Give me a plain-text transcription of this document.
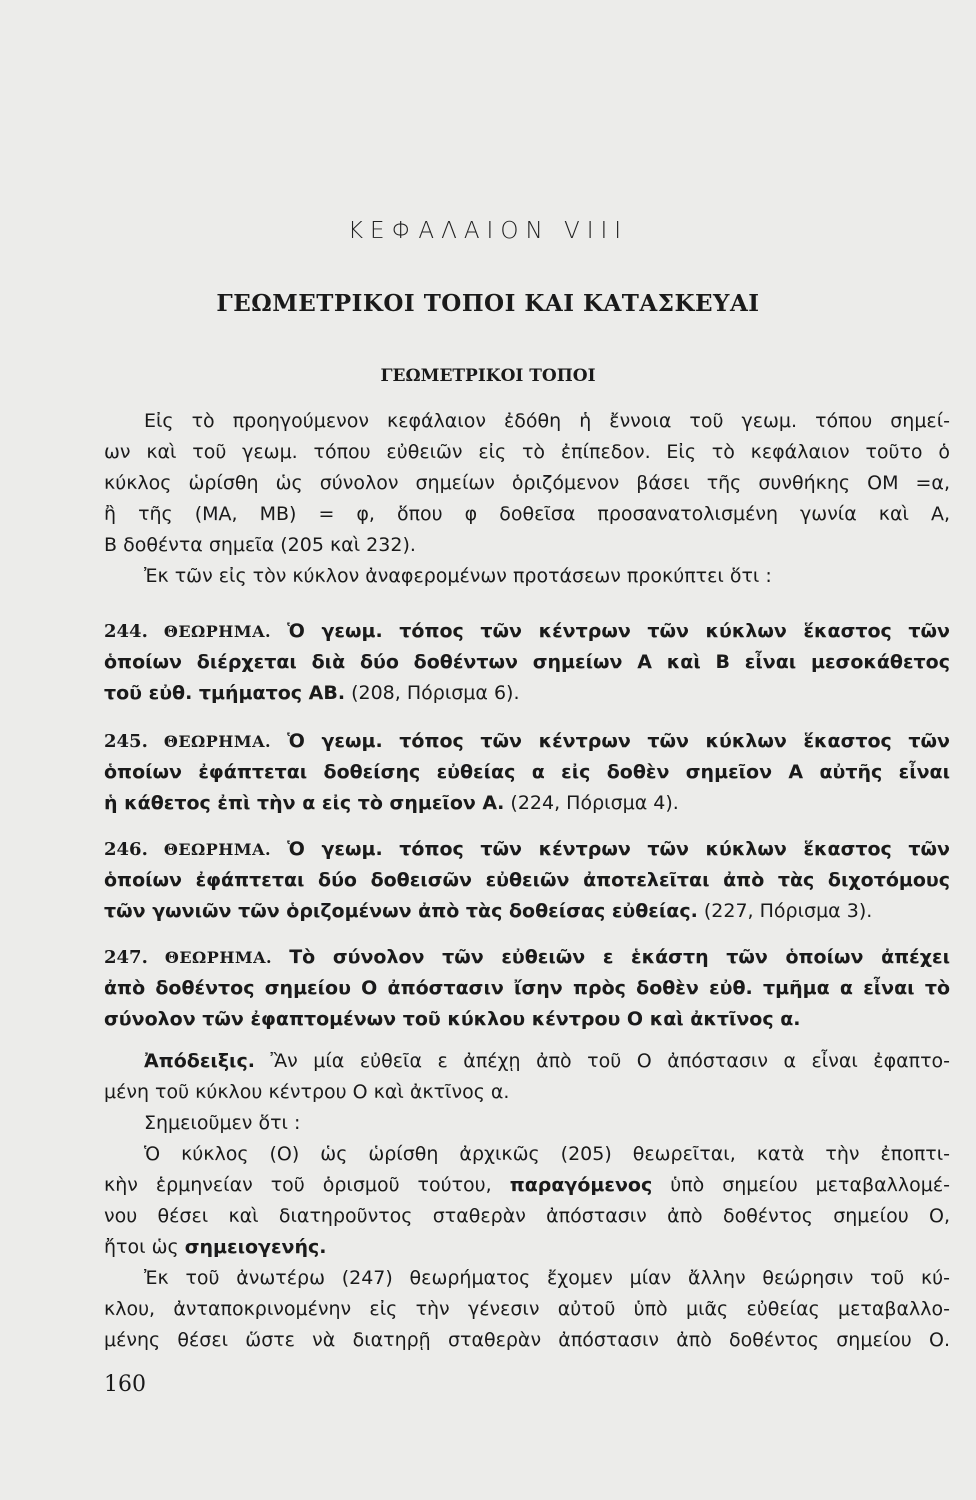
ΚΕΦΑΛΑΙΟΝ VIII
ΓΕΩΜΕΤΡΙΚΟΙ ΤΟΠΟΙ ΚΑΙ ΚΑΤΑΣΚΕΥΑΙ
ΓΕΩΜΕΤΡΙΚΟΙ ΤΟΠΟΙ
Εἰς τὸ προηγούμενον κεφάλαιον ἐδόθη ἡ ἔννοια τοῦ γεωμ. τόπου σημεί-
ων καὶ τοῦ γεωμ. τόπου εὐθειῶν εἰς τὸ ἐπίπεδον. Εἰς τὸ κεφάλαιον τοῦτο ὁ
κύκλος ὡρίσθη ὡς σύνολον σημείων ὁριζόμενον βάσει τῆς συνθήκης ΟΜ =α,
ἢ τῆς (ΜΑ, ΜΒ) = φ, ὅπου φ δοθεῖσα προσανατολισμένη γωνία καὶ Α,
Β δοθέντα σημεῖα (205 καὶ 232).
Ἐκ τῶν εἰς τὸν κύκλον ἀναφερομένων προτάσεων προκύπτει ὅτι :
244. ΘΕΩΡΗΜΑ. Ὁ γεωμ. τόπος τῶν κέντρων τῶν κύκλων ἕκαστος τῶν
ὁποίων διέρχεται διὰ δύο δοθέντων σημείων Α καὶ Β εἶναι μεσοκάθετος
τοῦ εὐθ. τμήματος ΑΒ. (208, Πόρισμα 6).
245. ΘΕΩΡΗΜΑ. Ὁ γεωμ. τόπος τῶν κέντρων τῶν κύκλων ἕκαστος τῶν
ὁποίων ἐφάπτεται δοθείσης εὐθείας α εἰς δοθὲν σημεῖον Α αὐτῆς εἶναι
ἡ κάθετος ἐπὶ τὴν α εἰς τὸ σημεῖον Α. (224, Πόρισμα 4).
246. ΘΕΩΡΗΜΑ. Ὁ γεωμ. τόπος τῶν κέντρων τῶν κύκλων ἕκαστος τῶν
ὁποίων ἐφάπτεται δύο δοθεισῶν εὐθειῶν ἀποτελεῖται ἀπὸ τὰς διχοτόμους
τῶν γωνιῶν τῶν ὁριζομένων ἀπὸ τὰς δοθείσας εὐθείας. (227, Πόρισμα 3).
247. ΘΕΩΡΗΜΑ. Τὸ σύνολον τῶν εὐθειῶν ε ἑκάστη τῶν ὁποίων ἀπέχει
ἀπὸ δοθέντος σημείου Ο ἀπόστασιν ἴσην πρὸς δοθὲν εὐθ. τμῆμα α εἶναι τὸ
σύνολον τῶν ἐφαπτομένων τοῦ κύκλου κέντρου Ο καὶ ἀκτῖνος α.
Ἀπόδειξις. Ἂν μία εὐθεῖα ε ἀπέχῃ ἀπὸ τοῦ Ο ἀπόστασιν α εἶναι ἐφαπτο-
μένη τοῦ κύκλου κέντρου Ο καὶ ἀκτῖνος α.
Σημειοῦμεν ὅτι :
Ὁ κύκλος (Ο) ὡς ὡρίσθη ἀρχικῶς (205) θεωρεῖται, κατὰ τὴν ἐποπτι-
κὴν ἑρμηνείαν τοῦ ὁρισμοῦ τούτου, παραγόμενος ὑπὸ σημείου μεταβαλλομέ-
νου θέσει καὶ διατηροῦντος σταθερὰν ἀπόστασιν ἀπὸ δοθέντος σημείου Ο,
ἤτοι ὡς σημειογενής.
Ἐκ τοῦ ἀνωτέρω (247) θεωρήματος ἔχομεν μίαν ἄλλην θεώρησιν τοῦ κύ-
κλου, ἀνταποκρινομένην εἰς τὴν γένεσιν αὐτοῦ ὑπὸ μιᾶς εὐθείας μεταβαλλο-
μένης θέσει ὥστε νὰ διατηρῇ σταθερὰν ἀπόστασιν ἀπὸ δοθέντος σημείου Ο.
160
